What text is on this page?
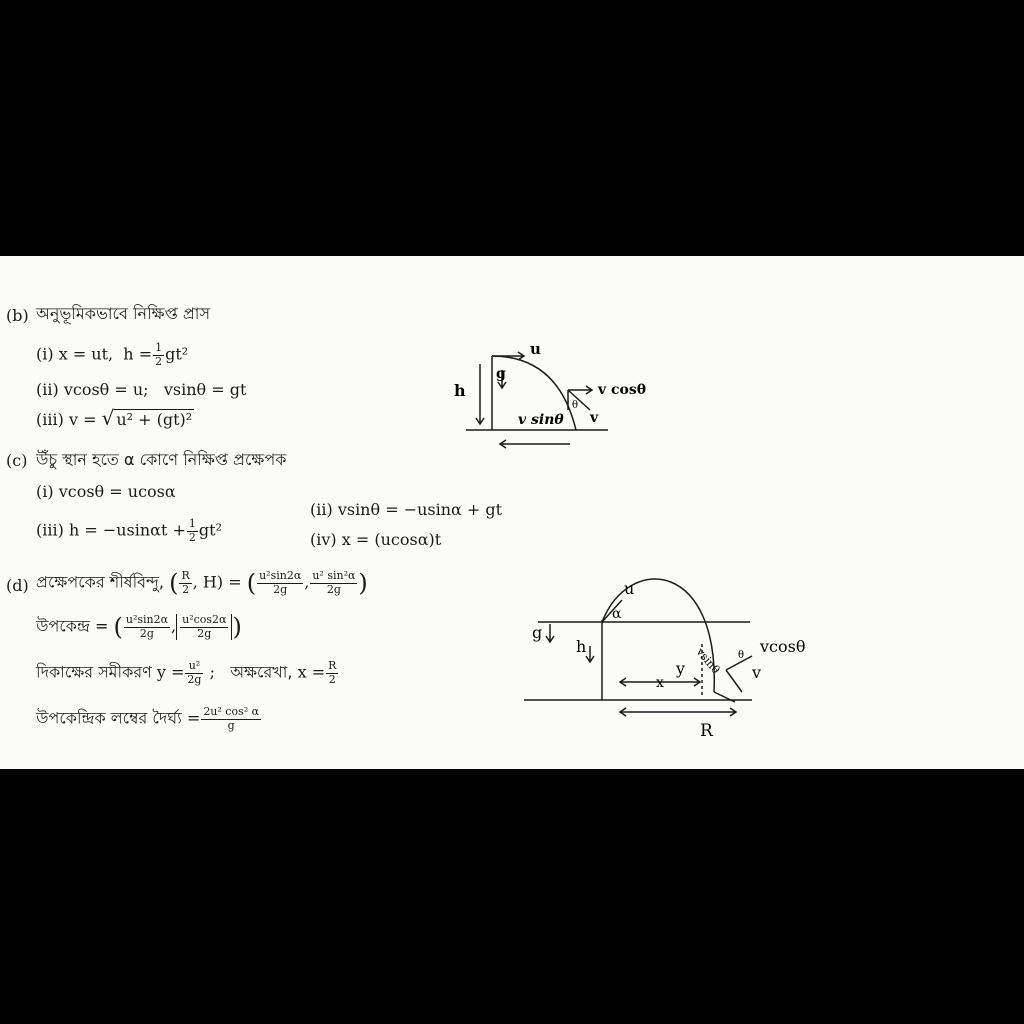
(b) অনুভূমিকভাবে নিক্ষিপ্ত প্রাস
(i) x = ut, $h = \frac{1}{2} gt^2$
(ii) vcosθ = u; vsinθ = gt
(iii) v = √ u² + (gt)²
(c) উঁচু স্থান হতে α কোণে নিক্ষিপ্ত প্রক্ষেপক
(i) vcosθ = ucosα
(ii) vsinθ = −usinα + gt
(iii) $h = -usin\alpha t + \frac{1}{2} gt^2$	(iv) x = (ucosα)t
(d) প্রক্ষেপকের শীর্ষবিন্দু, ( $\frac{R}{2}$ , H) = ( $\frac{\text{u²sin2α}}{2g}$ , $\frac{\text{u² sin²α}}{2g}$ )
উপকেন্দ্র = ( $\frac{\text{u²sin2α}}{2g}$ , $\frac{\text{u²cos2α}}{2g}$ )
দিকাক্ষের সমীকরণ $y = \frac{\text{u²}}{2g}$ ; অক্ষরেখা, $x = \frac{R}{2}$
উপকেন্দ্রিক লম্বের দৈর্ঘ্য = $\frac{\text{2u² cos² α}}{g}$
u
g
h	v cosθ
v sinθ v
θ
u
α
g
h	vcosθ
v
θ
y
x
vsinθ
R
